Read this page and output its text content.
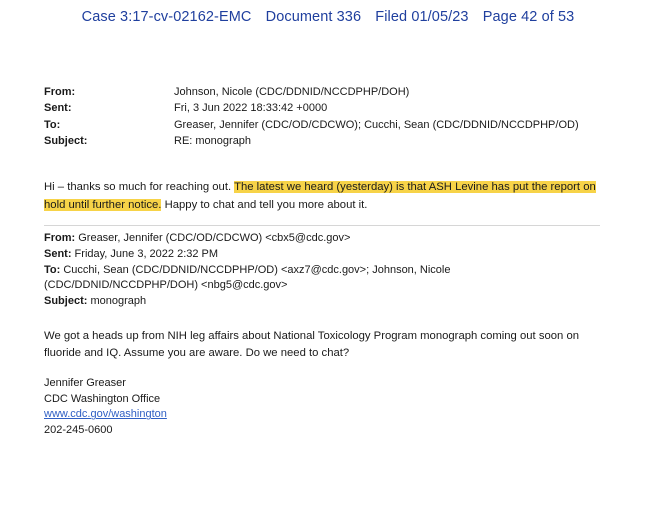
Case 3:17-cv-02162-EMC Document 336 Filed 01/05/23 Page 42 of 53
From:	Johnson, Nicole (CDC/DDNID/NCCDPHP/DOH)
Sent:	Fri, 3 Jun 2022 18:33:42 +0000
To:	Greaser, Jennifer (CDC/OD/CDCWO); Cucchi, Sean (CDC/DDNID/NCCDPHP/OD)
Subject:	RE: monograph
Hi – thanks so much for reaching out. The latest we heard (yesterday) is that ASH Levine has put the report on hold until further notice. Happy to chat and tell you more about it.
From: Greaser, Jennifer (CDC/OD/CDCWO) <cbx5@cdc.gov>
Sent: Friday, June 3, 2022 2:32 PM
To: Cucchi, Sean (CDC/DDNID/NCCDPHP/OD) <axz7@cdc.gov>; Johnson, Nicole (CDC/DDNID/NCCDPHP/DOH) <nbg5@cdc.gov>
Subject: monograph
We got a heads up from NIH leg affairs about National Toxicology Program monograph coming out soon on fluoride and IQ. Assume you are aware. Do we need to chat?
Jennifer Greaser
CDC Washington Office
www.cdc.gov/washington
202-245-0600
